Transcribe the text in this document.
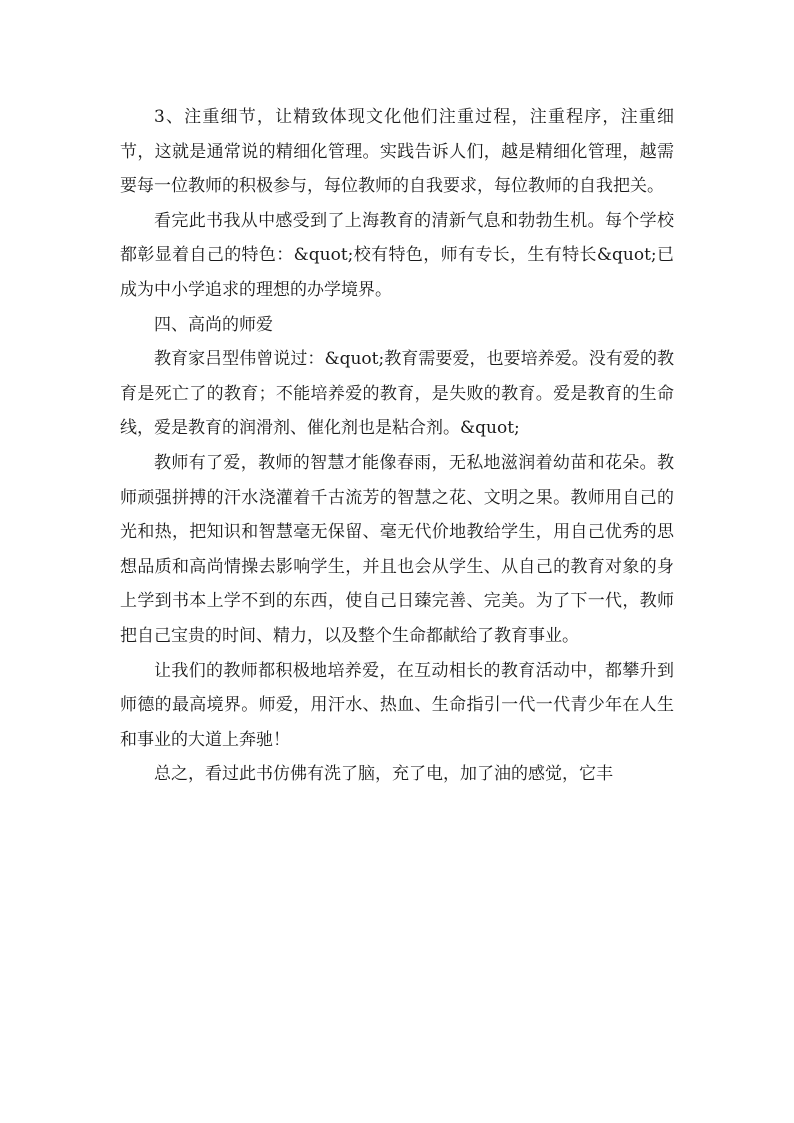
3、注重细节，让精致体现文化他们注重过程，注重程序，注重细节，这就是通常说的精细化管理。实践告诉人们，越是精细化管理，越需要每一位教师的积极参与，每位教师的自我要求，每位教师的自我把关。

看完此书我从中感受到了上海教育的清新气息和勃勃生机。每个学校都彰显着自己的特色：&quot;校有特色，师有专长，生有特长&quot;已成为中小学追求的理想的办学境界。

四、高尚的师爱

教育家吕型伟曾说过：&quot;教育需要爱，也要培养爱。没有爱的教育是死亡了的教育；不能培养爱的教育，是失败的教育。爱是教育的生命线，爱是教育的润滑剂、催化剂也是粘合剂。&quot;

教师有了爱，教师的智慧才能像春雨，无私地滋润着幼苗和花朵。教师顽强拼搏的汗水浇灌着千古流芳的智慧之花、文明之果。教师用自己的光和热，把知识和智慧毫无保留、毫无代价地教给学生，用自己优秀的思想品质和高尚情操去影响学生，并且也会从学生、从自己的教育对象的身上学到书本上学不到的东西，使自己日臻完善、完美。为了下一代，教师把自己宝贵的时间、精力，以及整个生命都献给了教育事业。

让我们的教师都积极地培养爱，在互动相长的教育活动中，都攀升到师德的最高境界。师爱，用汗水、热血、生命指引一代一代青少年在人生和事业的大道上奔驰！

总之，看过此书仿佛有洗了脑，充了电，加了油的感觉，它丰
